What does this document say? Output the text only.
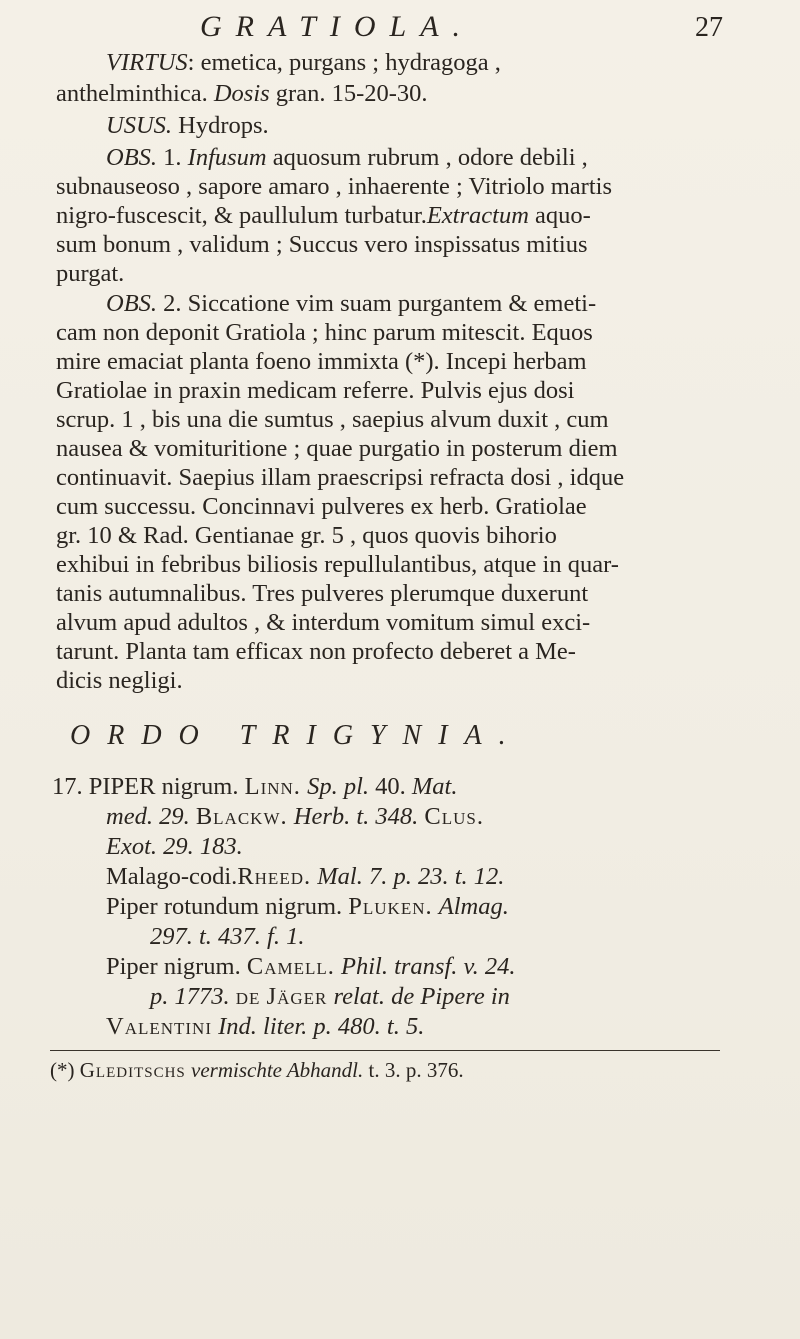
GRATIOLA.	27
VIRTUS: emetica, purgans ; hydragoga ,
anthelminthica. Dosis gran. 15-20-30.
USUS. Hydrops.
OBS. 1. Infusum aquosum rubrum , odore debili ,
subnauseoso , sapore amaro , inhaerente ; Vitriolo martis
nigro-fuscescit, & paullulum turbatur.Extractum aquo-
sum bonum , validum ; Succus vero inspissatus mitius
purgat.
OBS. 2. Siccatione vim suam purgantem & emeti-
cam non deponit Gratiola ; hinc parum mitescit. Equos
mire emaciat planta foeno immixta (*). Incepi herbam
Gratiolae in praxin medicam referre. Pulvis ejus dosi
scrup. 1 , bis una die sumtus , saepius alvum duxit , cum
nausea & vomituritione ; quae purgatio in posterum diem
continuavit. Saepius illam praescripsi refracta dosi , idque
cum successu. Concinnavi pulveres ex herb. Gratiolae
gr. 10 & Rad. Gentianae gr. 5 , quos quovis bihorio
exhibui in febribus biliosis repullulantibus, atque in quar-
tanis autumnalibus. Tres pulveres plerumque duxerunt
alvum apud adultos , & interdum vomitum simul exci-
tarunt. Planta tam efficax non profecto deberet a Me-
dicis negligi.
ORDO TRIGYNIA.
17. PIPER nigrum. Linn. Sp. pl. 40. Mat.
med. 29. Blackw. Herb. t. 348. Clus.
Exot. 29. 183.
Malago-codi.Rheed. Mal. 7. p. 23. t. 12.
Piper rotundum nigrum. Pluken. Almag.
297. t. 437. f. 1.
Piper nigrum. Camell. Phil. transf. v. 24.
p. 1773. de Jäger relat. de Pipere in
Valentini Ind. liter. p. 480. t. 5.
(*) Gleditschs vermischte Abhandl. t. 3. p. 376.
